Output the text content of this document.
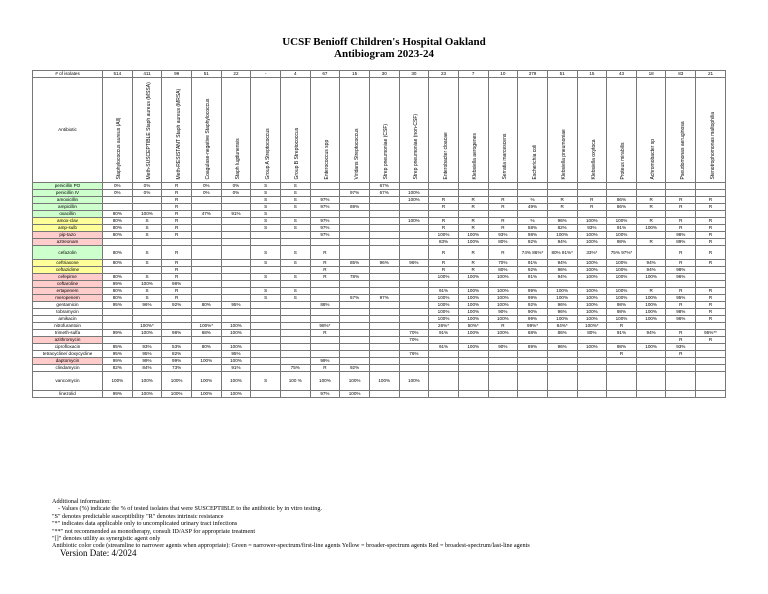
UCSF Benioff Children's Hospital Oakland
Antibiogram 2023-24
# of isolates	514	411	99	51	22	-	4	67	15	30	30	23	7	10	379	51	15	43	18	83	21
Antibiotic	Staphylococcus aureus (All)	Meth-SUSCEPTIBLE Staph aureus (MSSA)	Meth-RESISTANT Staph aureus (MRSA)	Coagulase-negative Staphylococcus	Staph lugdunensis	Group A Streptococcus	Group B Streptococcus	Enterococcus spp	Viridans Streptococcus	Strep pneumoniae (CSF)	Strep pneumoniae (non-CSF)	Enterobacter cloacae	Klebsiella aerogenes	Serratia marcescens	Escherichia coli	Klebsiella pneumoniae	Klebsiella oxytoca	Proteus mirabilis	Achromobacter sp	Pseudomonas aeruginosa	Stenotrophomonas maltophilia

penicillin PO	0%	0%	R	0%	0%	S	S			67%											
penicillin IV	0%	0%	R	0%	0%	S	S		97%	67%	100%										
amoxicillin			R			S	S	97%			100%	R	R	R	%	R	R	86%	R	R	R
ampicillin			R			S	S	97%	69%			R	R	R	49%	R	R	86%	R	R	R
oxacillin	80%	100%	R	47%	91%	S															
amox-clav	80%	S	R			S	S	97%			100%	R	R	R	%	96%	100%	100%	R	R	R
amp-sulb	80%	S	R			S	S	97%				R	R	R	58%	82%	93%	91%	100%	R	R
pip-tazo	80%	S	R					97%				100%	100%	93%	98%	100%	100%	100%		98%	R
aztreonam												83%	100%	80%	92%	94%	100%	98%	R	89%	R
cefazolin	80%	S	R			S	S	R				R	R	R	74% 86%*	80% 91%*	33%*	75% 97%*		R	R
ceftriaxone	80%	S	R			S	S	R	85%	96%	96%	R	R	70%	91%	94%	100%	100%	94%	R	R
ceftazidime			R					R				R	R	80%	92%	96%	100%	100%	94%	98%	
cefepime	80%	S	R			S	S	R	78%			100%	100%	100%	91%	94%	100%	100%	100%	96%	
ceftaroline	99%	100%	98%																		
ertapenem	80%	S	R			S	S					91%	100%	100%	99%	100%	100%	100%	R	R	R
meropenem	80%	S	R			S	S		67%	97%		100%	100%	100%	99%	100%	100%	100%	100%	95%	R
gentamicin	95%	96%	92%	80%	95%			88%				100%	100%	100%	92%	96%	100%	98%	100%	R	R
tobramycin												100%	100%	90%	90%	96%	100%	98%	100%	98%	R
amikacin												100%	100%	100%	99%	100%	100%	100%	100%	96%	R
nitrofurantoin		100%*		100%*	100%			98%*				26%*	50%*	R	99%*	84%*	100%*	R			
trimeth-sulfa	99%	100%	98%	68%	100%			R			70%	91%	100%	100%	68%	86%	80%	91%	94%	R	95%**
azithromycin											70%									R	R
ciprofloxacin	85%	93%	53%	80%	100%							91%	100%	90%	89%	96%	100%	98%	100%	93%	
tetracycline/ doxycycline	95%	95%	82%		95%						76%							R		R	
daptomycin	99%	99%	99%	100%	100%			99%													
clindamycin	82%	84%	73%		91%		75%	R	92%												
vancomycin	100%	100%	100%	100%	100%	S	100 %	100%	100%	100%	100%										
linezolid	99%	100%	100%	100%	100%			97%	100%												
Additional information:
- Values (%) indicate the % of tested isolates that were SUSCEPTIBLE to the antibiotic by in vitro testing.
"S" denotes predictable susceptibility "R" denotes intrinsic resistance
"*" indicates data applicable only to uncomplicated urinary tract infections
"**" not recommended as monotherapy, consult ID/ASP for appropriate treatment
"[]" denotes utility as synergistic agent only
Antibiotic color code (streamline to narrower agents when appropriate): Green = narrower-spectrum/first-line agents Yellow = broader-spectrum agents Red = broadest-spectrum/last-line agents
Version Date: 4/2024
